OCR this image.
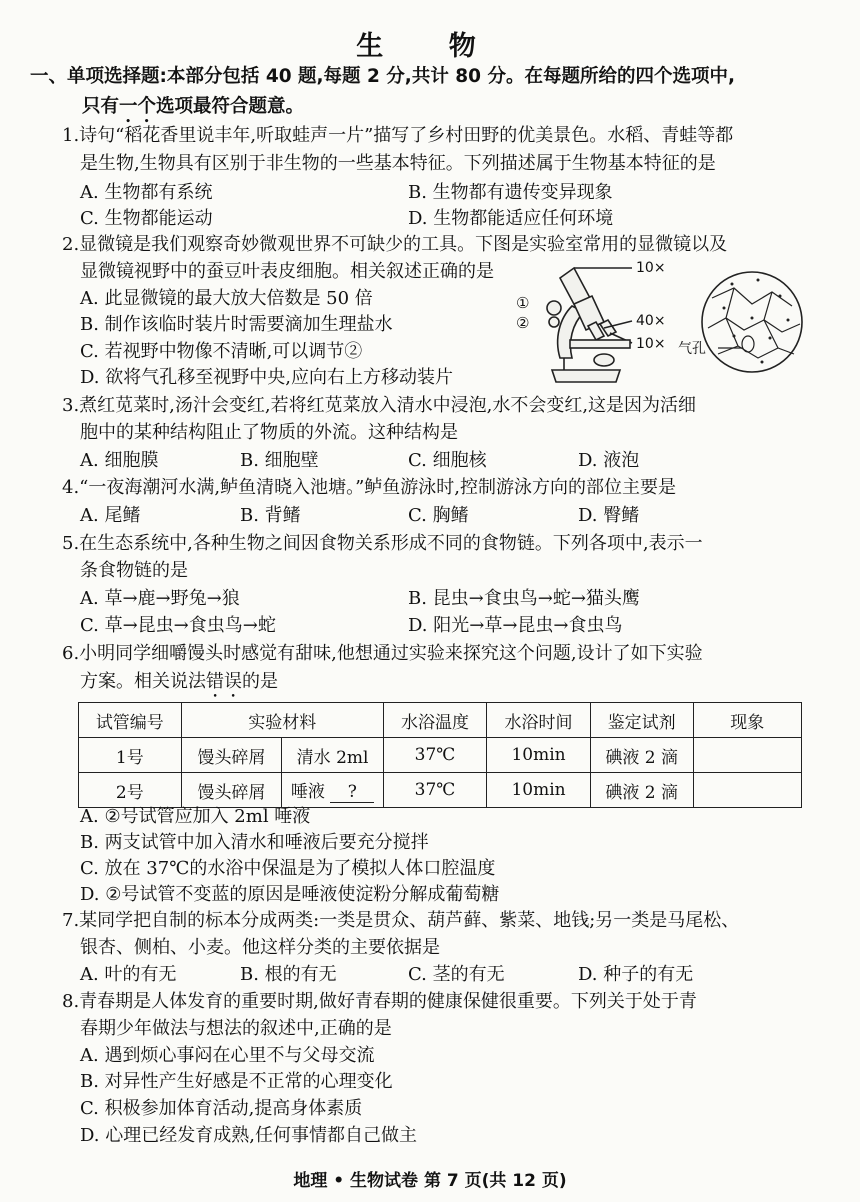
生 物
一、单项选择题:本部分包括 40 题,每题 2 分,共计 80 分。在每题所给的四个选项中,
只有一个选项最符合题意。
1.诗句“稻花香里说丰年,听取蛙声一片”描写了乡村田野的优美景色。水稻、青蛙等都
是生物,生物具有区别于非生物的一些基本特征。下列描述属于生物基本特征的是
A. 生物都有系统	B. 生物都有遗传变异现象
C. 生物都能运动	D. 生物都能适应任何环境
2.显微镜是我们观察奇妙微观世界不可缺少的工具。下图是实验室常用的显微镜以及
显微镜视野中的蚕豆叶表皮细胞。相关叙述正确的是
A. 此显微镜的最大放大倍数是 50 倍
B. 制作该临时装片时需要滴加生理盐水
C. 若视野中物像不清晰,可以调节②
D. 欲将气孔移至视野中央,应向右上方移动装片
10×
40×
10×
①
②
气孔
3.煮红苋菜时,汤汁会变红,若将红苋菜放入清水中浸泡,水不会变红,这是因为活细
胞中的某种结构阻止了物质的外流。这种结构是
A. 细胞膜	B. 细胞壁	C. 细胞核	D. 液泡
4.“一夜海潮河水满,鲈鱼清晓入池塘。”鲈鱼游泳时,控制游泳方向的部位主要是
A. 尾鳍	B. 背鳍	C. 胸鳍	D. 臀鳍
5.在生态系统中,各种生物之间因食物关系形成不同的食物链。下列各项中,表示一
条食物链的是
A. 草→鹿→野兔→狼	B. 昆虫→食虫鸟→蛇→猫头鹰
C. 草→昆虫→食虫鸟→蛇	D. 阳光→草→昆虫→食虫鸟
6.小明同学细嚼馒头时感觉有甜味,他想通过实验来探究这个问题,设计了如下实验
方案。相关说法错误的是
试管编号	实验材料		水浴温度	水浴时间	鉴定试剂	现象
1号	馒头碎屑	清水 2ml	37℃	10min	碘液 2 滴	
2号	馒头碎屑	唾液 ?	37℃	10min	碘液 2 滴	
A. ②号试管应加入 2ml 唾液
B. 两支试管中加入清水和唾液后要充分搅拌
C. 放在 37℃的水浴中保温是为了模拟人体口腔温度
D. ②号试管不变蓝的原因是唾液使淀粉分解成葡萄糖
7.某同学把自制的标本分成两类:一类是贯众、葫芦藓、紫菜、地钱;另一类是马尾松、
银杏、侧柏、小麦。他这样分类的主要依据是
A. 叶的有无	B. 根的有无	C. 茎的有无	D. 种子的有无
8.青春期是人体发育的重要时期,做好青春期的健康保健很重要。下列关于处于青
春期少年做法与想法的叙述中,正确的是
A. 遇到烦心事闷在心里不与父母交流
B. 对异性产生好感是不正常的心理变化
C. 积极参加体育活动,提高身体素质
D. 心理已经发育成熟,任何事情都自己做主
地理 • 生物试卷 第 7 页(共 12 页)
